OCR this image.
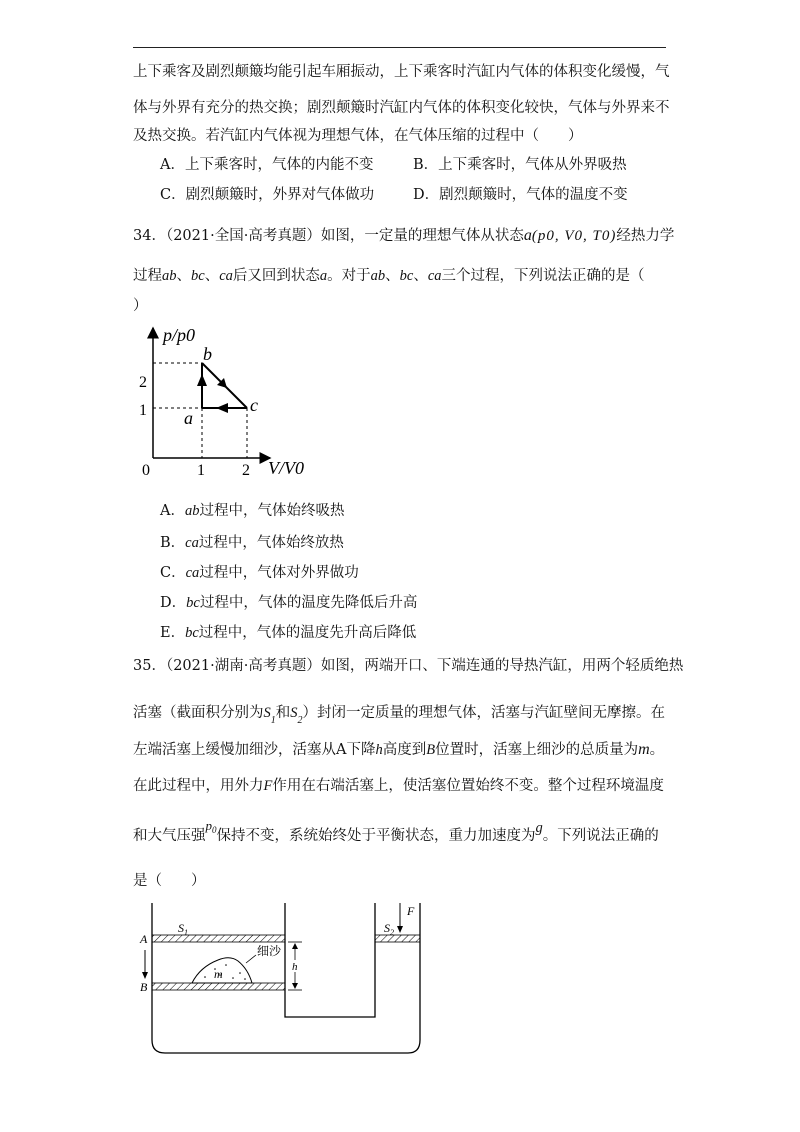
上下乘客及剧烈颠簸均能引起车厢振动，上下乘客时汽缸内气体的体积变化缓慢，气
体与外界有充分的热交换；剧烈颠簸时汽缸内气体的体积变化较快，气体与外界来不
及热交换。若汽缸内气体视为理想气体，在气体压缩的过程中（　　）
A．上下乘客时，气体的内能不变	B．上下乘客时，气体从外界吸热
C．剧烈颠簸时，外界对气体做功	D．剧烈颠簸时，气体的温度不变
34．（2021·全国·高考真题）如图，一定量的理想气体从状态a(p0, V0, T0)经热力学
过程ab、bc、ca后又回到状态a。对于ab、bc、ca三个过程，下列说法正确的是（
）
p/p0
V/V0
0	1 2
1
2
a
b
c
A．ab过程中，气体始终吸热
B．ca过程中，气体始终放热
C．ca过程中，气体对外界做功
D．bc过程中，气体的温度先降低后升高
E．bc过程中，气体的温度先升高后降低
35．（2021·湖南·高考真题）如图，两端开口、下端连通的导热汽缸，用两个轻质绝热
活塞（截面积分别为$S_1$和$S_2$）封闭一定质量的理想气体，活塞与汽缸壁间无摩擦。在
左端活塞上缓慢加细沙，活塞从A下降h高度到B位置时，活塞上细沙的总质量为m。
在此过程中，用外力F作用在右端活塞上，使活塞位置始终不变。整个过程环境温度
和大气压强$p_0$保持不变，系统始终处于平衡状态，重力加速度为g。下列说法正确的
是（　　）
m
细沙
$S_1$	$S_2$
A
B
h
F
